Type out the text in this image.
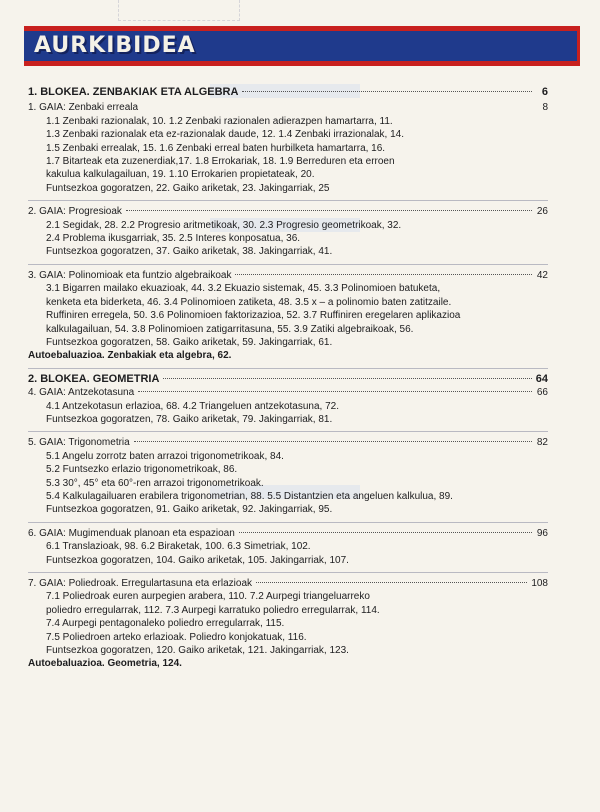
AURKIBIDEA
1. BLOKEA. ZENBAKIAK ETA ALGEBRA	6
1. GAIA: Zenbaki erreala	8
1.1 Zenbaki razionalak, 10. 1.2 Zenbaki razionalen adierazpen hamartarra, 11.
1.3 Zenbaki razionalak eta ez-razionalak daude, 12. 1.4 Zenbaki irrazionalak, 14.
1.5 Zenbaki errealak, 15. 1.6 Zenbaki erreal baten hurbilketa hamartarra, 16.
1.7 Bitarteak eta zuzenerdiak,17. 1.8 Errokariak, 18. 1.9 Berreduren eta erroen
kakulua kalkulagailuan, 19. 1.10 Errokarien propietateak, 20.
Funtsezkoa gogoratzen, 22. Gaiko ariketak, 23. Jakingarriak, 25
2. GAIA: Progresioak	26
2.1 Segidak, 28. 2.2 Progresio aritmetikoak, 30. 2.3 Progresio geometrikoak, 32.
2.4 Problema ikusgarriak, 35. 2.5 Interes konposatua, 36.
Funtsezkoa gogoratzen, 37. Gaiko ariketak, 38. Jakingarriak, 41.
3. GAIA: Polinomioak eta funtzio algebraikoak	42
3.1 Bigarren mailako ekuazioak, 44. 3.2 Ekuazio sistemak, 45. 3.3 Polinomioen batuketa,
kenketa eta biderketa, 46. 3.4 Polinomioen zatiketa, 48. 3.5 x – a polinomio baten zatitzaile.
Ruffiniren erregela, 50. 3.6 Polinomioen faktorizazioa, 52. 3.7 Ruffiniren eregelaren aplikazioa
kalkulagailuan, 54. 3.8 Polinomioen zatigarritasuna, 55. 3.9 Zatiki algebraikoak, 56.
Funtsezkoa gogoratzen, 58. Gaiko ariketak, 59. Jakingarriak, 61.
Autoebaluazioa. Zenbakiak eta algebra, 62.
2. BLOKEA. GEOMETRIA	64
4. GAIA: Antzekotasuna	66
4.1 Antzekotasun erlazioa, 68. 4.2 Triangeluen antzekotasuna, 72.
Funtsezkoa gogoratzen, 78. Gaiko ariketak, 79. Jakingarriak, 81.
5. GAIA: Trigonometria	82
5.1 Angelu zorrotz baten arrazoi trigonometrikoak, 84.
5.2 Funtsezko erlazio trigonometrikoak, 86.
5.3 30°, 45° eta 60°-ren arrazoi trigonometrikoak.
5.4 Kalkulagailuaren erabilera trigonometrian, 88. 5.5 Distantzien eta angeluen kalkulua, 89.
Funtsezkoa gogoratzen, 91. Gaiko ariketak, 92. Jakingarriak, 95.
6. GAIA: Mugimenduak planoan eta espazioan	96
6.1 Translazioak, 98. 6.2 Biraketak, 100. 6.3 Simetriak, 102.
Funtsezkoa gogoratzen, 104. Gaiko ariketak, 105. Jakingarriak, 107.
7. GAIA: Poliedroak. Erregulartasuna eta erlazioak	108
7.1 Poliedroak euren aurpegien arabera, 110. 7.2 Aurpegi triangeluarreko
poliedro erregularrak, 112. 7.3 Aurpegi karratuko poliedro erregularrak, 114.
7.4 Aurpegi pentagonaleko poliedro erregularrak, 115.
7.5 Poliedroen arteko erlazioak. Poliedro konjokatuak, 116.
Funtsezkoa gogoratzen, 120. Gaiko ariketak, 121. Jakingarriak, 123.
Autoebaluazioa. Geometria, 124.
